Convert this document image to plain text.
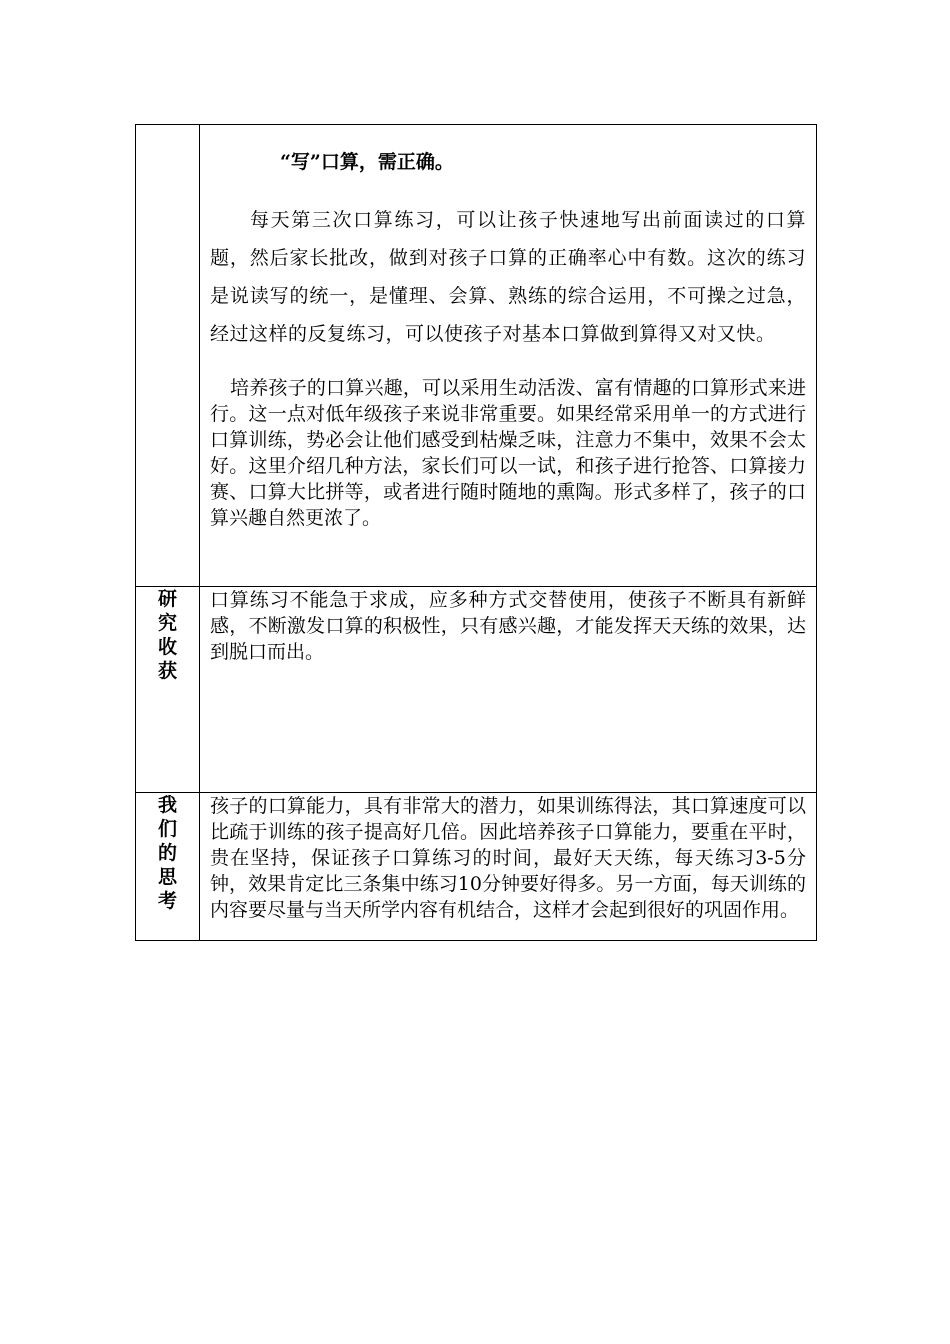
	“写”口算，需正确。

每天第三次口算练习，可以让孩子快速地写出前面读过的口算题，然后家长批改，做到对孩子口算的正确率心中有数。这次的练习是说读写的统一，是懂理、会算、熟练的综合运用，不可操之过急，经过这样的反复练习，可以使孩子对基本口算做到算得又对又快。

培养孩子的口算兴趣，可以采用生动活泼、富有情趣的口算形式来进行。这一点对低年级孩子来说非常重要。如果经常采用单一的方式进行口算训练，势必会让他们感受到枯燥乏味，注意力不集中，效果不会太好。这里介绍几种方法，家长们可以一试，和孩子进行抢答、口算接力赛、口算大比拼等，或者进行随时随地的熏陶。形式多样了，孩子的口算兴趣自然更浓了。

研究收获	口算练习不能急于求成，应多种方式交替使用，使孩子不断具有新鲜感，不断激发口算的积极性，只有感兴趣，才能发挥天天练的效果，达到脱口而出。

我们的思考	孩子的口算能力，具有非常大的潜力，如果训练得法，其口算速度可以比疏于训练的孩子提高好几倍。因此培养孩子口算能力，要重在平时，贵在坚持，保证孩子口算练习的时间，最好天天练，每天练习3-5分钟，效果肯定比三条集中练习10分钟要好得多。另一方面，每天训练的内容要尽量与当天所学内容有机结合，这样才会起到很好的巩固作用。
